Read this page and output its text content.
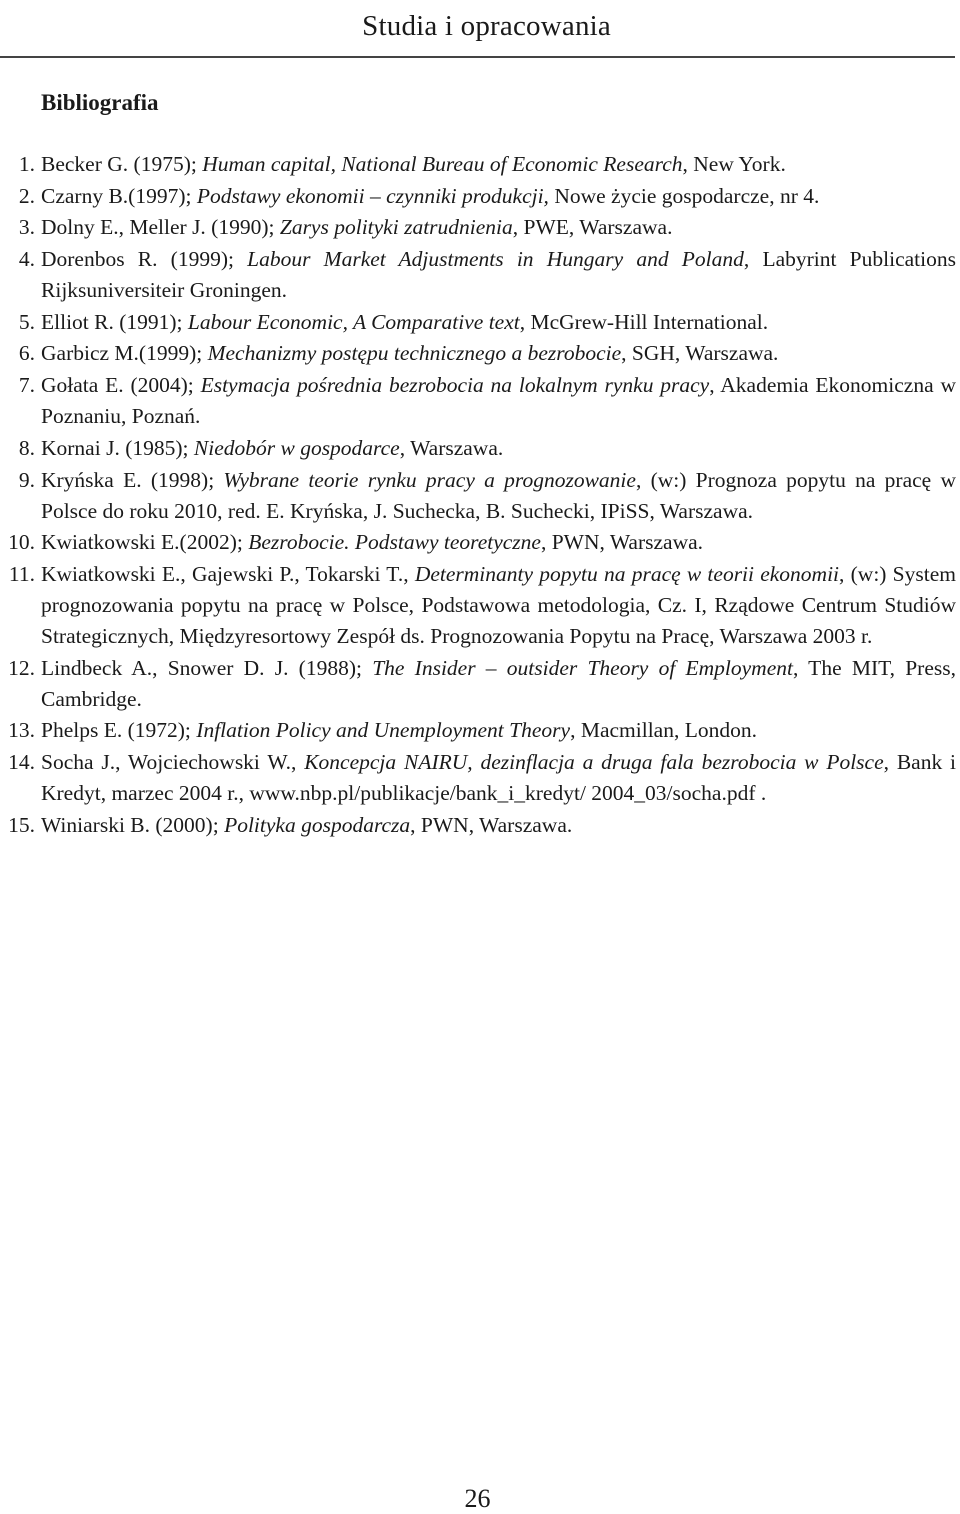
Studia i opracowania
Bibliografia
1. Becker G. (1975); Human capital, National Bureau of Economic Research, New York.
2. Czarny B.(1997); Podstawy ekonomii – czynniki produkcji, Nowe życie gospodarcze, nr 4.
3. Dolny E., Meller J. (1990); Zarys polityki zatrudnienia, PWE, Warszawa.
4. Dorenbos R. (1999); Labour Market Adjustments in Hungary and Poland, Labyrint Publications Rijksuniversiteir Groningen.
5. Elliot R. (1991); Labour Economic, A Comparative text, McGrew-Hill International.
6. Garbicz M.(1999); Mechanizmy postępu technicznego a bezrobocie, SGH, Warszawa.
7. Gołata E. (2004); Estymacja pośrednia bezrobocia na lokalnym rynku pracy, Akademia Ekonomiczna w Poznaniu, Poznań.
8. Kornai J. (1985); Niedobór w gospodarce, Warszawa.
9. Kryńska E. (1998); Wybrane teorie rynku pracy a prognozowanie, (w:) Prognoza popytu na pracę w Polsce do roku 2010, red. E. Kryńska, J. Suchecka, B. Suchecki, IPiSS, Warszawa.
10. Kwiatkowski E.(2002); Bezrobocie. Podstawy teoretyczne, PWN, Warszawa.
11. Kwiatkowski E., Gajewski P., Tokarski T., Determinanty popytu na pracę w teorii ekonomii, (w:) System prognozowania popytu na pracę w Polsce, Podstawowa metodologia, Cz. I, Rządowe Centrum Studiów Strategicznych, Międzyresortowy Zespół ds. Prognozowania Popytu na Pracę, Warszawa 2003 r.
12. Lindbeck A., Snower D. J. (1988); The Insider – outsider Theory of Employment, The MIT, Press, Cambridge.
13. Phelps E. (1972); Inflation Policy and Unemployment Theory, Macmillan, London.
14. Socha J., Wojciechowski W., Koncepcja NAIRU, dezinflacja a druga fala bezrobocia w Polsce, Bank i Kredyt, marzec 2004 r., www.nbp.pl/publikacje/bank_i_kredyt/ 2004_03/socha.pdf .
15. Winiarski B. (2000); Polityka gospodarcza, PWN, Warszawa.
26
